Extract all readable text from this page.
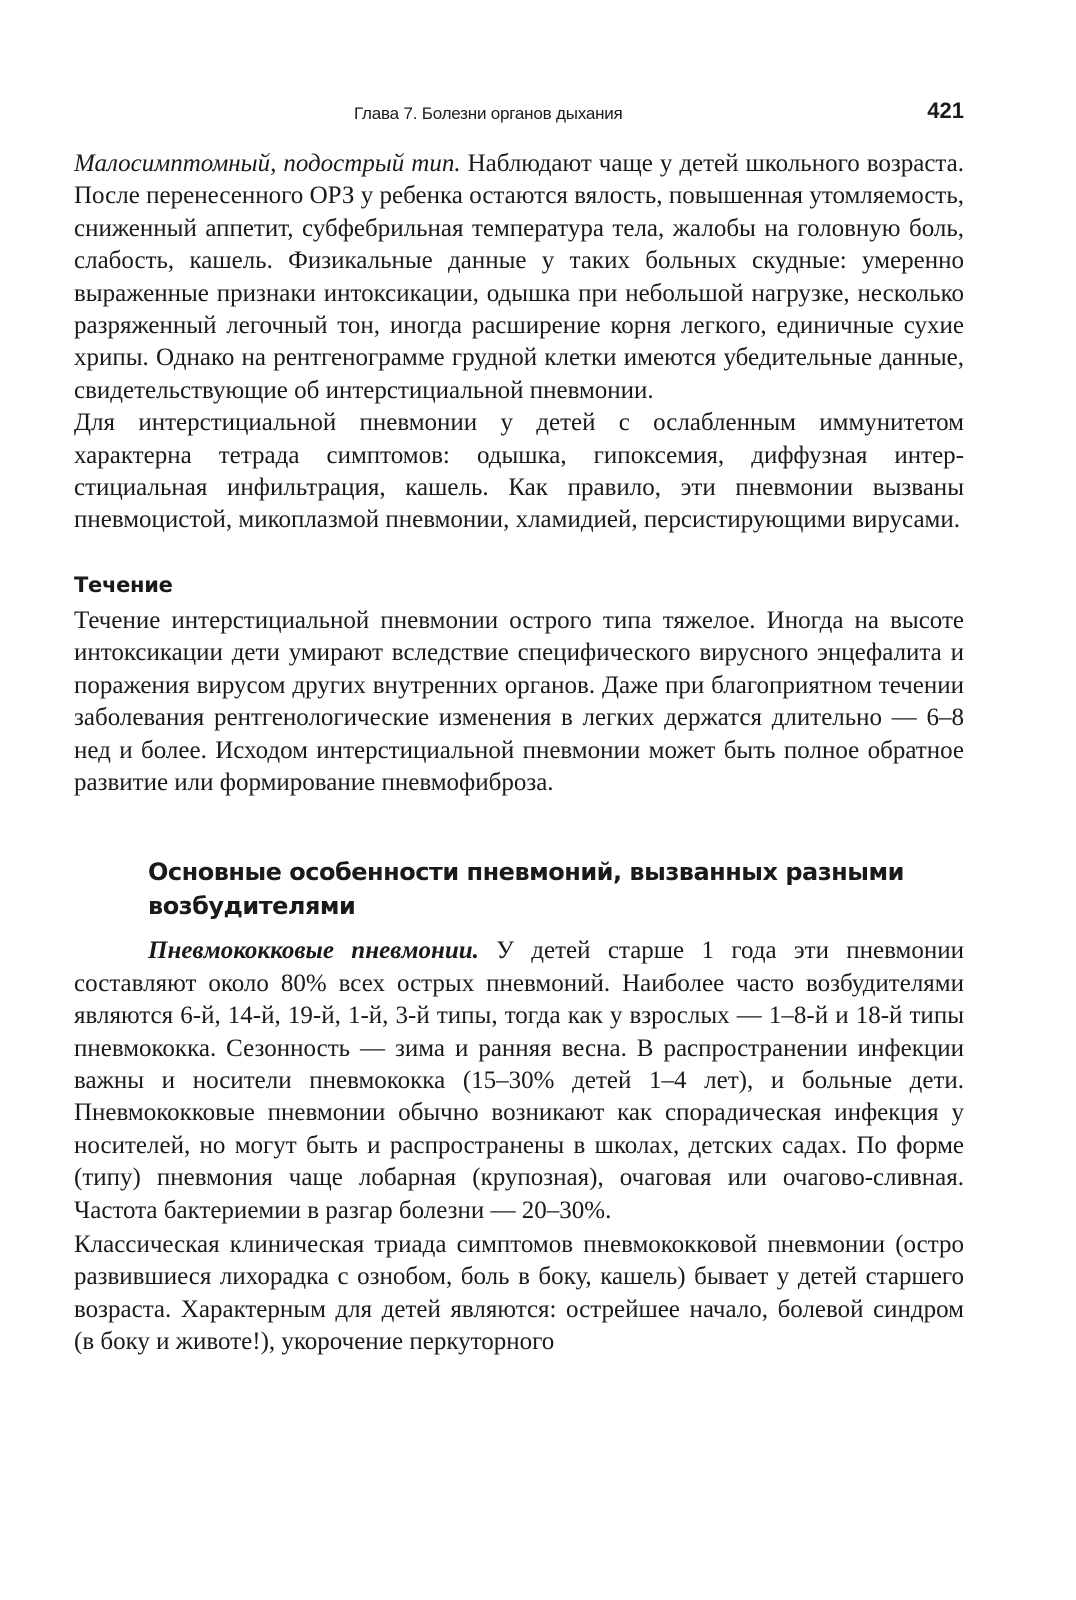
Глава 7. Болезни органов дыхания	421

Малосимптомный, подострый тип. Наблюдают чаще у детей школьного возраста. После перенесенного ОРЗ у ребенка остаются вялость, повышенная утомляемость, сниженный аппетит, субфебрильная температура тела, жалобы на головную боль, слабость, кашель. Физикальные данные у таких больных скудные: умеренно выраженные признаки интоксикации, одышка при небольшой нагрузке, несколько разряженный легочный тон, иногда расширение корня легкого, единичные сухие хрипы. Однако на рентгенограмме грудной клетки имеются убедительные данные, свидетельствующие об интерстициальной пневмонии.

Для интерстициальной пневмонии у детей с ослабленным иммунитетом характерна тетрада симптомов: одышка, гипоксемия, диффузная интерстициальная инфильтрация, кашель. Как правило, эти пневмонии вызваны пневмоцистой, микоплазмой пневмонии, хламидией, персистирующими вирусами.

Течение

Течение интерстициальной пневмонии острого типа тяжелое. Иногда на высоте интоксикации дети умирают вследствие специфического вирусного энцефалита и поражения вирусом других внутренних органов. Даже при благоприятном течении заболевания рентгенологические изменения в легких держатся длительно — 6–8 нед и более. Исходом интерстициальной пневмонии может быть полное обратное развитие или формирование пневмофиброза.

Основные особенности пневмоний, вызванных разными возбудителями

Пневмококковые пневмонии. У детей старше 1 года эти пневмонии составляют около 80% всех острых пневмоний. Наиболее часто возбудителями являются 6-й, 14-й, 19-й, 1-й, 3-й типы, тогда как у взрослых — 1–8-й и 18-й типы пневмококка. Сезонность — зима и ранняя весна. В распространении инфекции важны и носители пневмококка (15–30% детей 1–4 лет), и больные дети. Пневмококковые пневмонии обычно возникают как спорадическая инфекция у носителей, но могут быть и распространены в школах, детских садах. По форме (типу) пневмония чаще лобарная (крупозная), очаговая или очагово-сливная. Частота бактериемии в разгар болезни — 20–30%.

Классическая клиническая триада симптомов пневмококковой пневмонии (остро развившиеся лихорадка с ознобом, боль в боку, кашель) бывает у детей старшего возраста. Характерным для детей являются: острейшее начало, болевой синдром (в боку и животе!), укорочение перкуторного
